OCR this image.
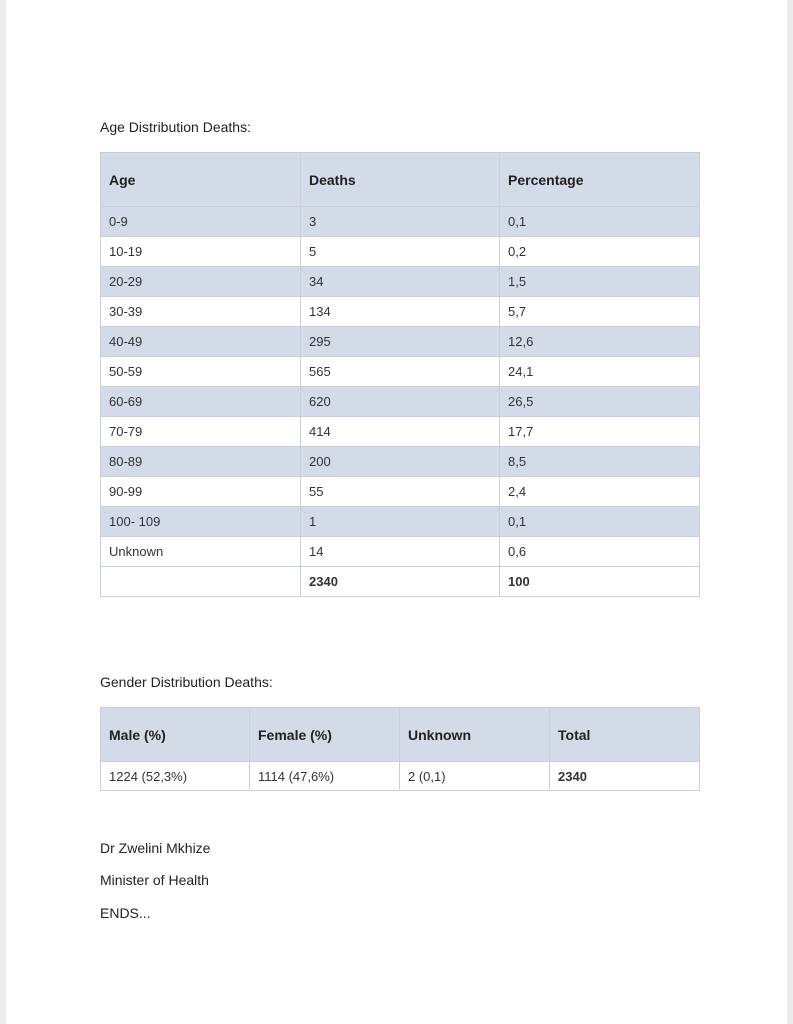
Age Distribution Deaths:

Age	Deaths	Percentage
0-9	3	0,1
10-19	5	0,2
20-29	34	1,5
30-39	134	5,7
40-49	295	12,6
50-59	565	24,1
60-69	620	26,5
70-79	414	17,7
80-89	200	8,5
90-99	55	2,4
100- 109	1	0,1
Unknown	14	0,6
	2340	100

Gender Distribution Deaths:

Male (%)	Female (%)	Unknown	Total
1224 (52,3%)	1114 (47,6%)	2 (0,1)	2340
Dr Zwelini Mkhize
Minister of Health
ENDS...
